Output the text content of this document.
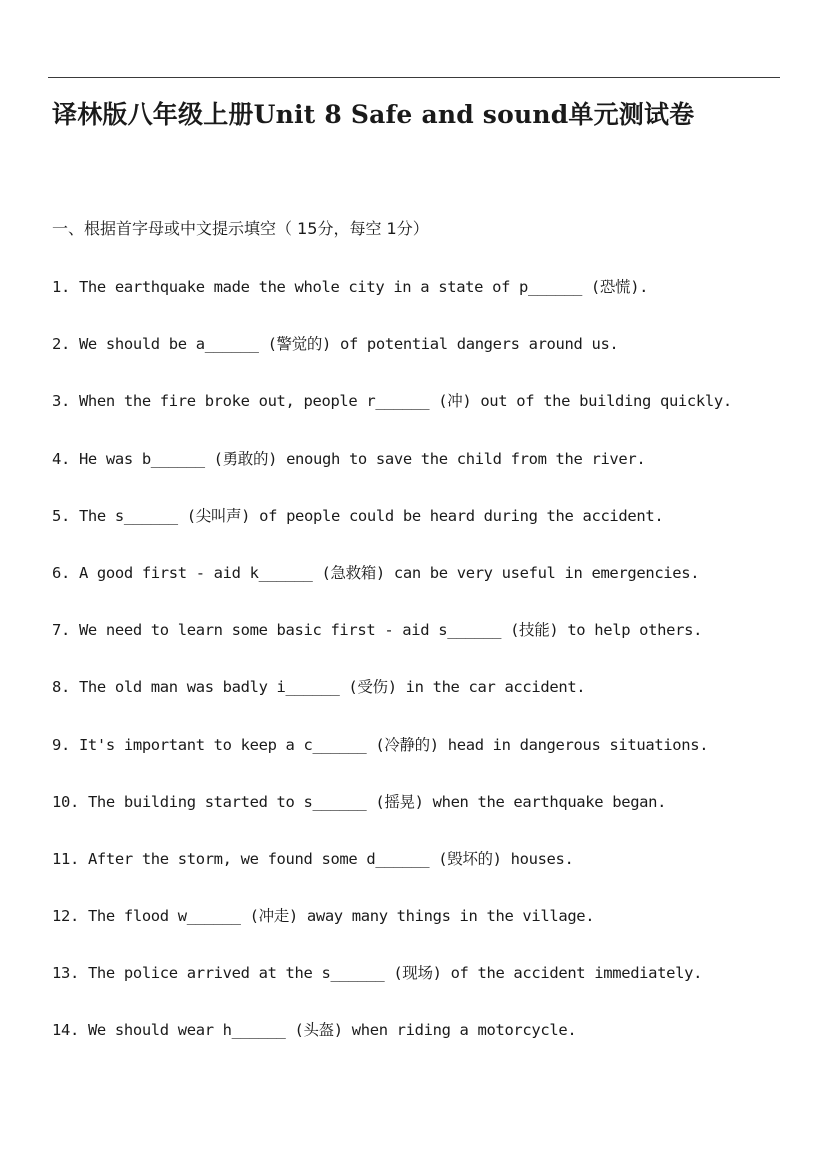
译林版八年级上册Unit 8 Safe and sound单元测试卷
一、根据首字母或中文提示填空（ 15分，每空 1分）
1. The earthquake made the whole city in a state of p______ (恐慌).
2. We should be a______ (警觉的) of potential dangers around us.
3. When the fire broke out, people r______ (冲) out of the building quickly.
4. He was b______ (勇敢的) enough to save the child from the river.
5. The s______ (尖叫声) of people could be heard during the accident.
6. A good first - aid k______ (急救箱) can be very useful in emergencies.
7. We need to learn some basic first - aid s______ (技能) to help others.
8. The old man was badly i______ (受伤) in the car accident.
9. It's important to keep a c______ (冷静的) head in dangerous situations.
10. The building started to s______ (摇晃) when the earthquake began.
11. After the storm, we found some d______ (毁坏的) houses.
12. The flood w______ (冲走) away many things in the village.
13. The police arrived at the s______ (现场) of the accident immediately.
14. We should wear h______ (头盔) when riding a motorcycle.
